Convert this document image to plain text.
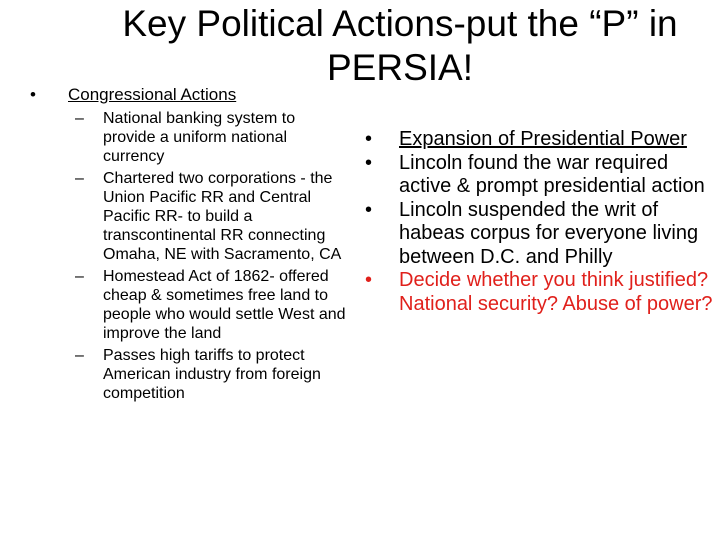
Key Political Actions-put the “P” in PERSIA!

• Congressional Actions

– National banking system to provide a uniform national currency
– Chartered two corporations - the Union Pacific RR and Central Pacific RR- to build a transcontinental RR connecting Omaha, NE with Sacramento, CA
– Homestead Act of 1862- offered cheap & sometimes free land to people who would settle West and improve the land
– Passes high tariffs to protect American industry from foreign competition
• Expansion of Presidential Power
• Lincoln found the war required active & prompt presidential action
• Lincoln suspended the writ of habeas corpus for everyone living between D.C. and Philly
• Decide whether you think justified? National security? Abuse of power?
